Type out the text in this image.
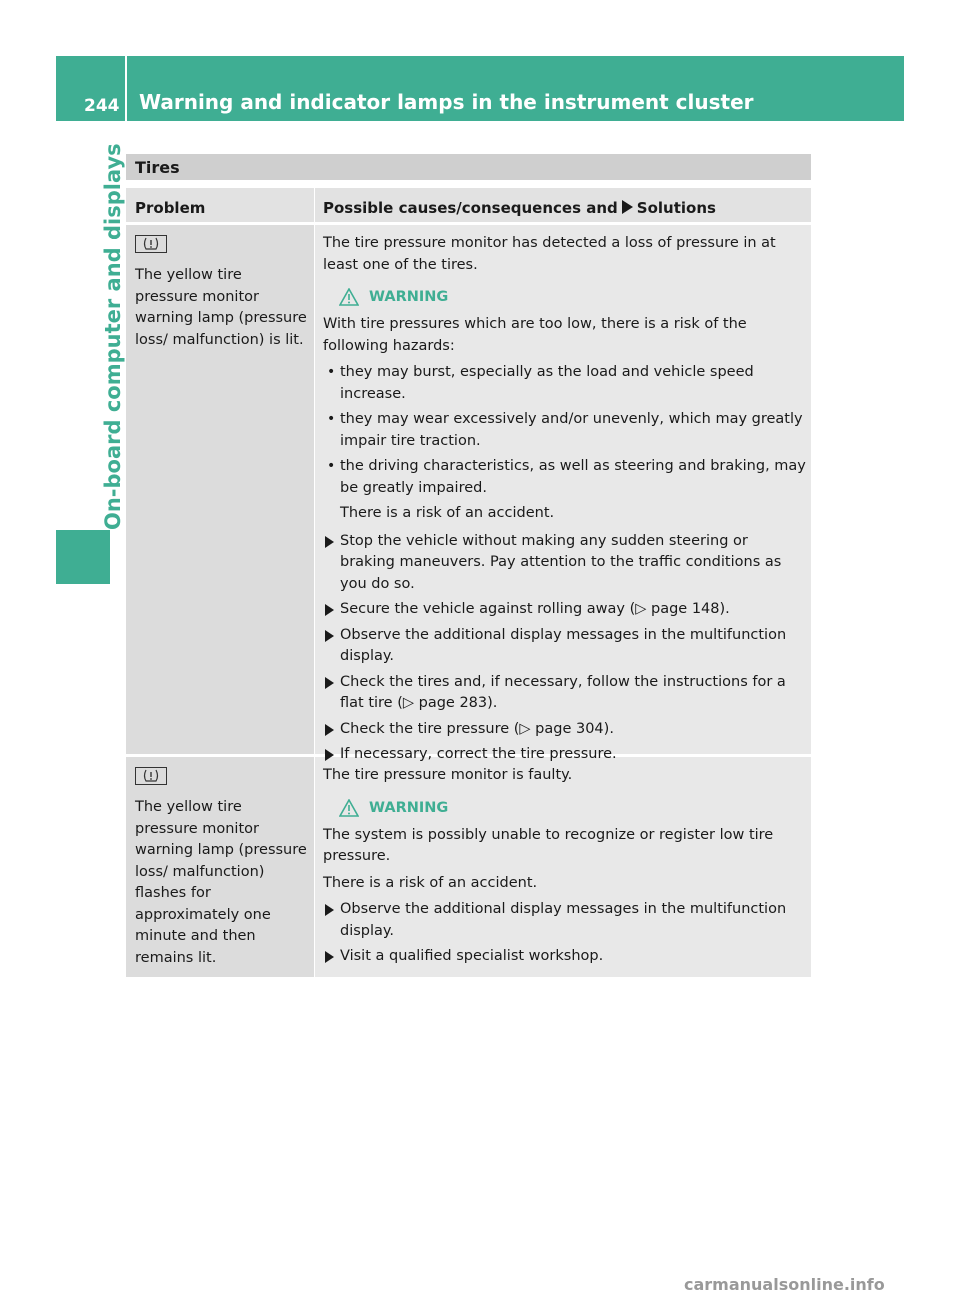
244 Warning and indicator lamps in the instrument cluster
On-board computer and displays Tires
Problem	Possible causes/consequences and Solutions
The yellow tire pressure monitor warning lamp (pressure loss/ malfunction) is lit.
The tire pressure monitor has detected a loss of pressure in at least one of the tires.
WARNING
With tire pressures which are too low, there is a risk of the following hazards:
• they may burst, especially as the load and vehicle speed increase.
• they may wear excessively and/or unevenly, which may greatly impair tire traction.
• the driving characteristics, as well as steering and braking, may be greatly impaired.
There is a risk of an accident.
Stop the vehicle without making any sudden steering or braking maneuvers. Pay attention to the traffic conditions as you do so.
Secure the vehicle against rolling away (▷ page 148).
Observe the additional display messages in the multifunction display.
Check the tires and, if necessary, follow the instructions for a flat tire (▷ page 283).
Check the tire pressure (▷ page 304).
If necessary, correct the tire pressure.
The yellow tire pressure monitor warning lamp (pressure loss/ malfunction) flashes for approximately one minute and then remains lit.
The tire pressure monitor is faulty.
WARNING
The system is possibly unable to recognize or register low tire pressure.
There is a risk of an accident.
Observe the additional display messages in the multifunction display.
Visit a qualified specialist workshop.
carmanualsonline.info
